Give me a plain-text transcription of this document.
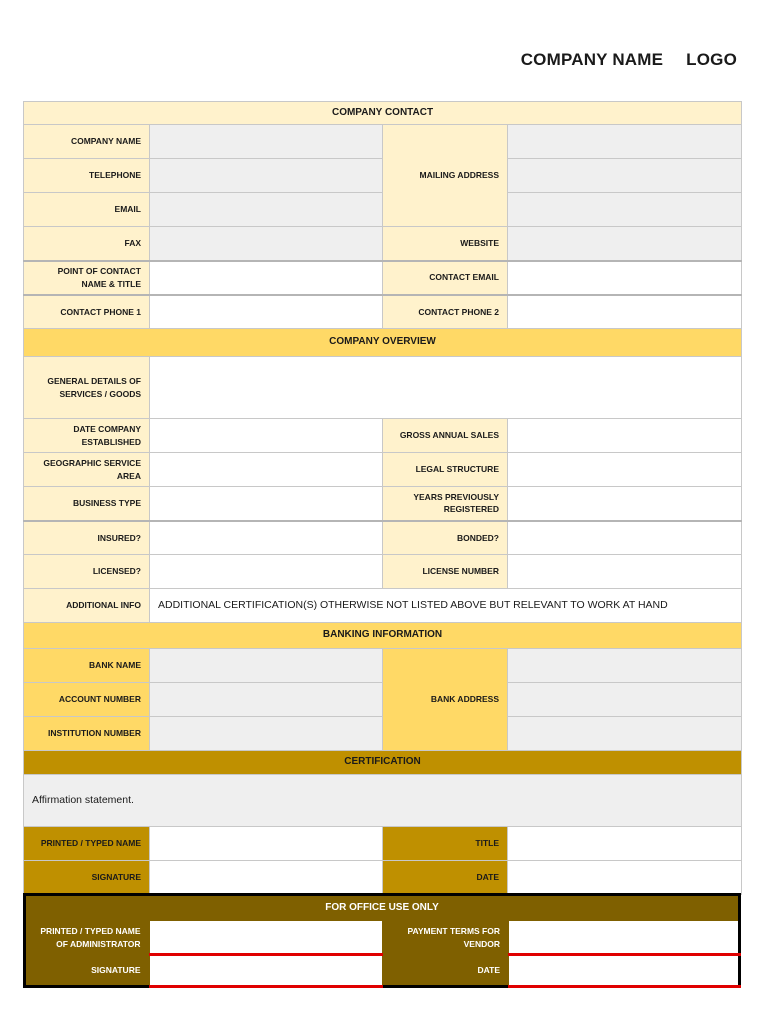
COMPANY NAME LOGO
COMPANY CONTACT			
COMPANY NAME		MAILING ADDRESS	
TELEPHONE			
EMAIL			
FAX		WEBSITE	
POINT OF CONTACT NAME & TITLE		CONTACT EMAIL	
CONTACT PHONE 1		CONTACT PHONE 2	
COMPANY OVERVIEW			
GENERAL DETAILS OF SERVICES / GOODS			
DATE COMPANY ESTABLISHED		GROSS ANNUAL SALES	
GEOGRAPHIC SERVICE AREA		LEGAL STRUCTURE	
BUSINESS TYPE		YEARS PREVIOUSLY REGISTERED	
INSURED?		BONDED?	
LICENSED?		LICENSE NUMBER	
ADDITIONAL INFO	ADDITIONAL CERTIFICATION(S) OTHERWISE NOT LISTED ABOVE BUT RELEVANT TO WORK AT HAND		
BANKING INFORMATION			
BANK NAME		BANK ADDRESS	
ACCOUNT NUMBER			
INSTITUTION NUMBER			
CERTIFICATION			
Affirmation statement.			
PRINTED / TYPED NAME		TITLE	
SIGNATURE		DATE	
FOR OFFICE USE ONLY			
PRINTED / TYPED NAME OF ADMINISTRATOR		PAYMENT TERMS FOR VENDOR	
SIGNATURE		DATE	
